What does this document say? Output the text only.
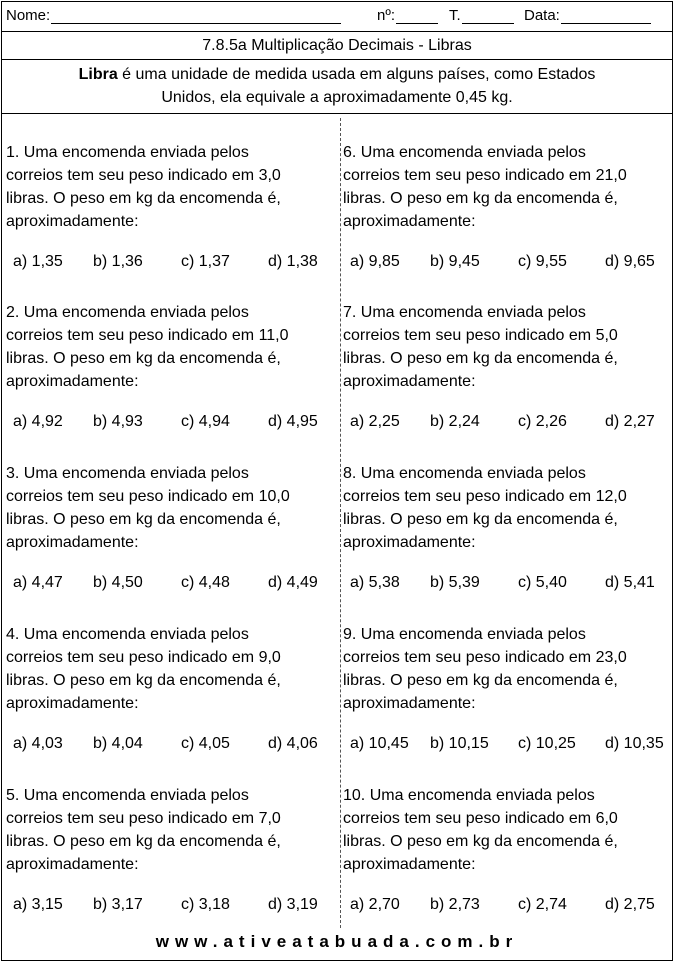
Nome:	nº:	T.	Data:
7.8.5a Multiplicação Decimais - Libras
Libra é uma unidade de medida usada em alguns países, como Estados
Unidos, ela equivale a aproximadamente 0,45 kg.
1. Uma encomenda enviada pelos
correios tem seu peso indicado em 3,0
libras. O peso em kg da encomenda é,
aproximadamente:
a) 1,35 b) 1,36 c) 1,37 d) 1,38
2. Uma encomenda enviada pelos
correios tem seu peso indicado em 11,0
libras. O peso em kg da encomenda é,
aproximadamente:
a) 4,92 b) 4,93 c) 4,94 d) 4,95
3. Uma encomenda enviada pelos
correios tem seu peso indicado em 10,0
libras. O peso em kg da encomenda é,
aproximadamente:
a) 4,47 b) 4,50 c) 4,48 d) 4,49
4. Uma encomenda enviada pelos
correios tem seu peso indicado em 9,0
libras. O peso em kg da encomenda é,
aproximadamente:
a) 4,03 b) 4,04 c) 4,05 d) 4,06
5. Uma encomenda enviada pelos
correios tem seu peso indicado em 7,0
libras. O peso em kg da encomenda é,
aproximadamente:
a) 3,15 b) 3,17 c) 3,18 d) 3,19
6. Uma encomenda enviada pelos
correios tem seu peso indicado em 21,0
libras. O peso em kg da encomenda é,
aproximadamente:
a) 9,85 b) 9,45 c) 9,55 d) 9,65
7. Uma encomenda enviada pelos
correios tem seu peso indicado em 5,0
libras. O peso em kg da encomenda é,
aproximadamente:
a) 2,25 b) 2,24 c) 2,26 d) 2,27
8. Uma encomenda enviada pelos
correios tem seu peso indicado em 12,0
libras. O peso em kg da encomenda é,
aproximadamente:
a) 5,38 b) 5,39 c) 5,40 d) 5,41
9. Uma encomenda enviada pelos
correios tem seu peso indicado em 23,0
libras. O peso em kg da encomenda é,
aproximadamente:
a) 10,45 b) 10,15 c) 10,25 d) 10,35
10. Uma encomenda enviada pelos
correios tem seu peso indicado em 6,0
libras. O peso em kg da encomenda é,
aproximadamente:
a) 2,70 b) 2,73 c) 2,74 d) 2,75
www.ativeatabuada.com.br
